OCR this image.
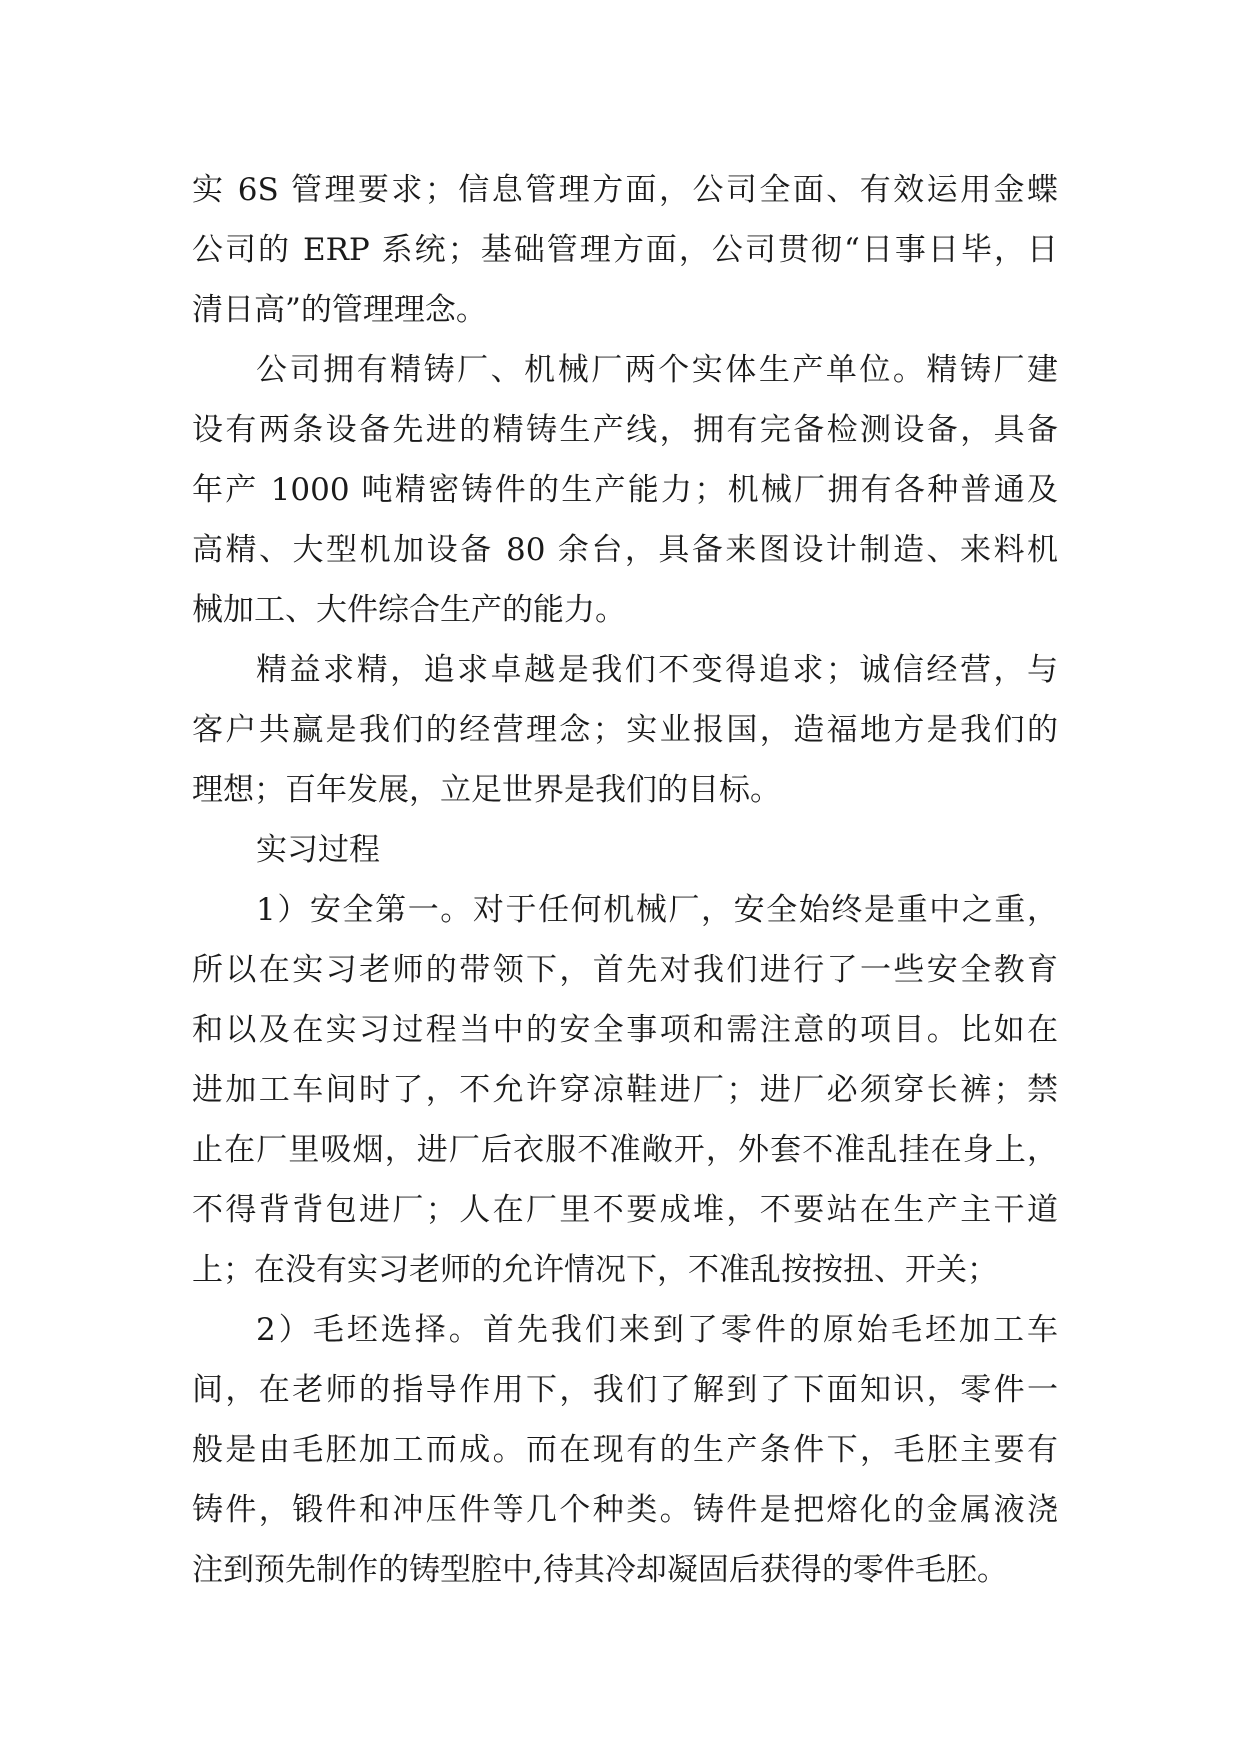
实 6S 管理要求；信息管理方面，公司全面、有效运用金蝶
公司的 ERP 系统；基础管理方面，公司贯彻“日事日毕，日
清日高”的管理理念。
公司拥有精铸厂、机械厂两个实体生产单位。精铸厂建
设有两条设备先进的精铸生产线，拥有完备检测设备，具备
年产 1000 吨精密铸件的生产能力；机械厂拥有各种普通及
高精、大型机加设备 80 余台，具备来图设计制造、来料机
械加工、大件综合生产的能力。
精益求精，追求卓越是我们不变得追求；诚信经营，与
客户共赢是我们的经营理念；实业报国，造福地方是我们的
理想；百年发展，立足世界是我们的目标。
实习过程
1）安全第一。对于任何机械厂，安全始终是重中之重，
所以在实习老师的带领下，首先对我们进行了一些安全教育
和以及在实习过程当中的安全事项和需注意的项目。比如在
进加工车间时了，不允许穿凉鞋进厂；进厂必须穿长裤；禁
止在厂里吸烟，进厂后衣服不准敞开，外套不准乱挂在身上，
不得背背包进厂；人在厂里不要成堆，不要站在生产主干道
上；在没有实习老师的允许情况下，不准乱按按扭、开关；
2）毛坯选择。首先我们来到了零件的原始毛坯加工车
间，在老师的指导作用下，我们了解到了下面知识，零件一
般是由毛胚加工而成。而在现有的生产条件下，毛胚主要有
铸件，锻件和冲压件等几个种类。铸件是把熔化的金属液浇
注到预先制作的铸型腔中,待其冷却凝固后获得的零件毛胚。
